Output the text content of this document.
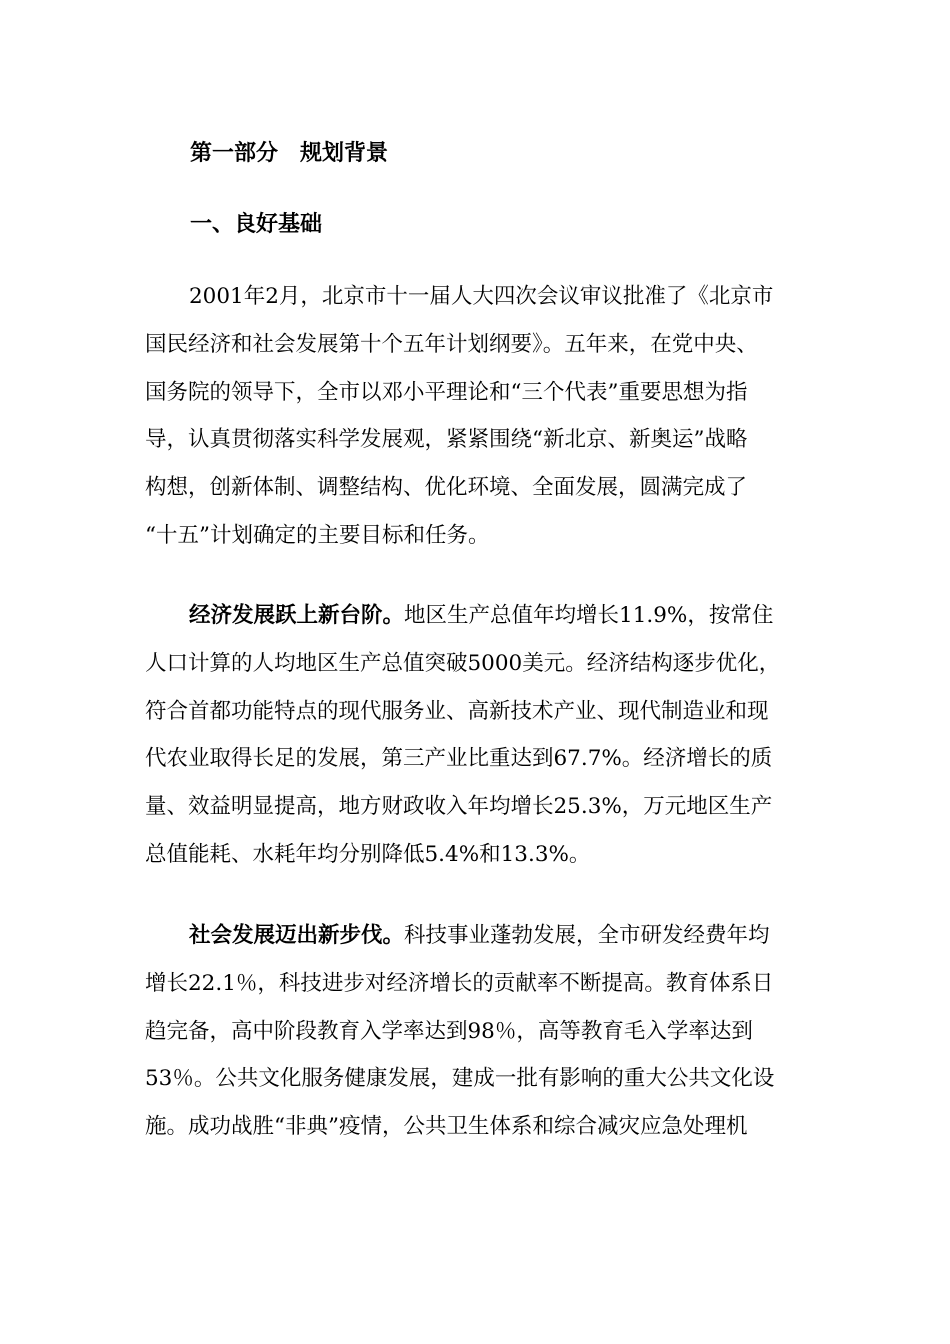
第一部分　规划背景
一、良好基础
2001年2月，北京市十一届人大四次会议审议批准了《北京市
国民经济和社会发展第十个五年计划纲要》。五年来，在党中央、
国务院的领导下，全市以邓小平理论和“三个代表”重要思想为指
导，认真贯彻落实科学发展观，紧紧围绕“新北京、新奥运”战略
构想，创新体制、调整结构、优化环境、全面发展，圆满完成了
“十五”计划确定的主要目标和任务。
经济发展跃上新台阶。地区生产总值年均增长11.9%，按常住
人口计算的人均地区生产总值突破5000美元。经济结构逐步优化，
符合首都功能特点的现代服务业、高新技术产业、现代制造业和现
代农业取得长足的发展，第三产业比重达到67.7%。经济增长的质
量、效益明显提高，地方财政收入年均增长25.3%，万元地区生产
总值能耗、水耗年均分别降低5.4%和13.3%。
社会发展迈出新步伐。科技事业蓬勃发展，全市研发经费年均
增长22.1％，科技进步对经济增长的贡献率不断提高。教育体系日
趋完备，高中阶段教育入学率达到98％，高等教育毛入学率达到
53％。公共文化服务健康发展，建成一批有影响的重大公共文化设
施。成功战胜“非典”疫情，公共卫生体系和综合减灾应急处理机
